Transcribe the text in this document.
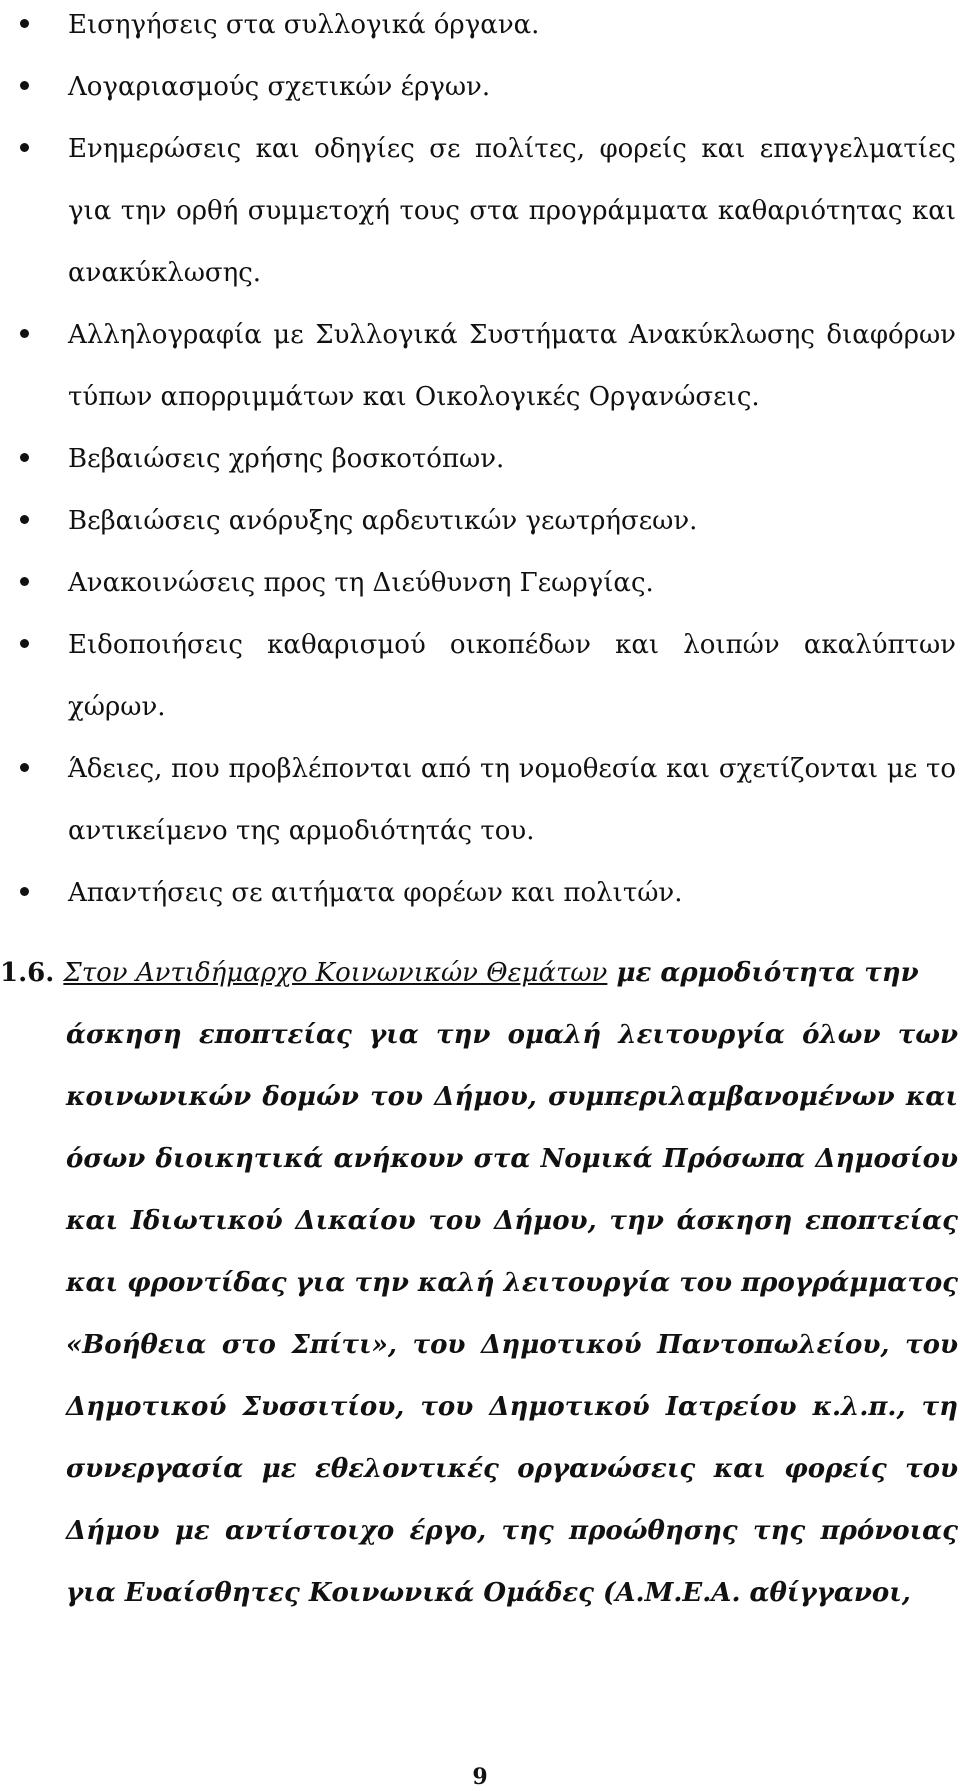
Εισηγήσεις στα συλλογικά όργανα.
Λογαριασμούς σχετικών έργων.
Ενημερώσεις και οδηγίες σε πολίτες, φορείς και επαγγελματίες για την ορθή συμμετοχή τους στα προγράμματα καθαριότητας και ανακύκλωσης.
Αλληλογραφία με Συλλογικά Συστήματα Ανακύκλωσης διαφόρων τύπων απορριμμάτων και Οικολογικές Οργανώσεις.
Βεβαιώσεις χρήσης βοσκοτόπων.
Βεβαιώσεις ανόρυξης αρδευτικών γεωτρήσεων.
Ανακοινώσεις προς τη Διεύθυνση Γεωργίας.
Ειδοποιήσεις καθαρισμού οικοπέδων και λοιπών ακαλύπτων χώρων.
Άδειες, που προβλέπονται από τη νομοθεσία και σχετίζονται με το αντικείμενο της αρμοδιότητάς του.
Απαντήσεις σε αιτήματα φορέων και πολιτών.
1.6. Στον Αντιδήμαρχο Κοινωνικών Θεμάτων με αρμοδιότητα την
άσκηση εποπτείας για την ομαλή λειτουργία όλων των κοινωνικών δομών του Δήμου, συμπεριλαμβανομένων και όσων διοικητικά ανήκουν στα Νομικά Πρόσωπα Δημοσίου και Ιδιωτικού Δικαίου του Δήμου, την άσκηση εποπτείας και φροντίδας για την καλή λειτουργία του προγράμματος «Βοήθεια στο Σπίτι», του Δημοτικού Παντοπωλείου, του Δημοτικού Συσσιτίου, του Δημοτικού Ιατρείου κ.λ.π., τη συνεργασία με εθελοντικές οργανώσεις και φορείς του Δήμου με αντίστοιχο έργο, της προώθησης της πρόνοιας για Ευαίσθητες Κοινωνικά Ομάδες (Α.Μ.Ε.Α. αθίγγανοι,
9
